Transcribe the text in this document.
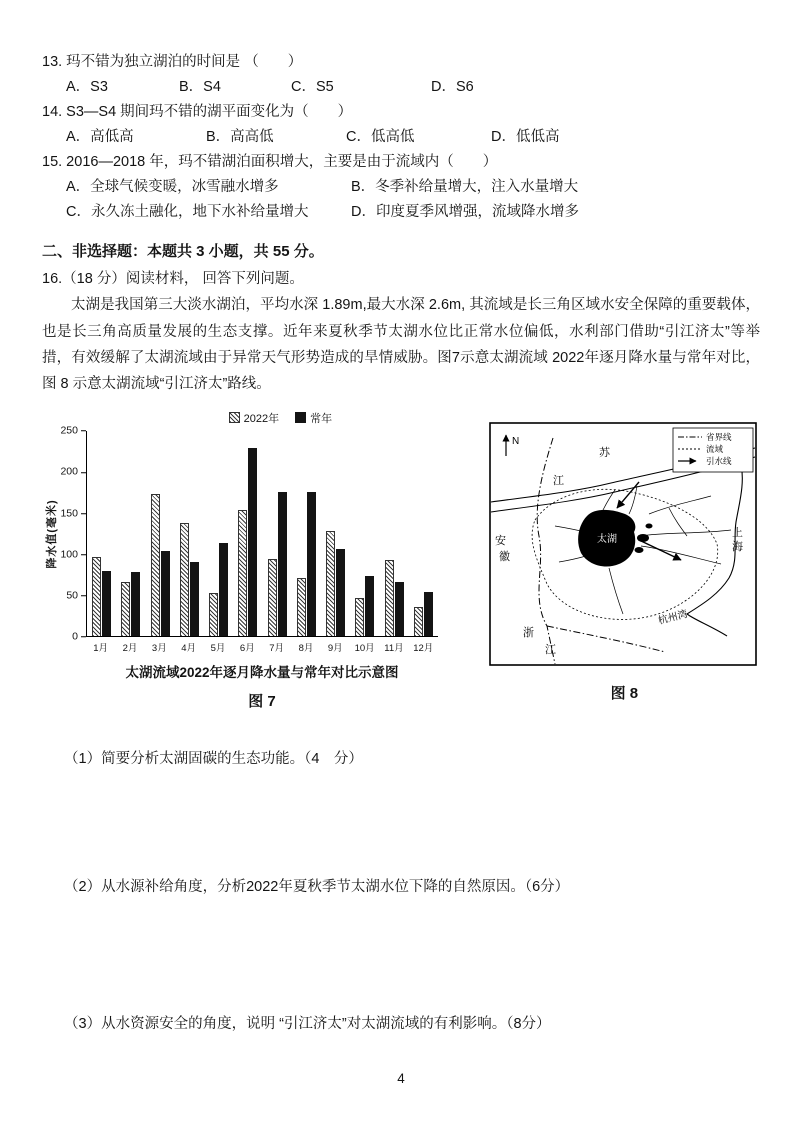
13. 玛不错为独立湖泊的时间是 （　　）
A．S3	B．S4	C．S5	D．S6
14. S3—S4 期间玛不错的湖平面变化为（　　）
A．高低高	B．高高低	C．低高低	D．低低高
15. 2016—2018 年，玛不错湖泊面积增大，主要是由于流域内（　　）
A．全球气候变暖，冰雪融水增多	B．冬季补给量增大，注入水量增大
C．永久冻土融化，地下水补给量增大	D．印度夏季风增强，流域降水增多
二、非选择题：本题共 3 小题，共 55 分。
16.（18 分）阅读材料， 回答下列问题。
太湖是我国第三大淡水湖泊，平均水深 1.89m,最大水深 2.6m, 其流域是长三角区域水安全保障的重要载体，也是长三角高质量发展的生态支撑。近年来夏秋季节太湖水位比正常水位偏低，水利部门借助“引江济太”等举措，有效缓解了太湖流域由于异常天气形势造成的旱情威胁。图7示意太湖流域 2022年逐月降水量与常年对比，图 8 示意太湖流域“引江济太”路线。
2022年	常年
降水值(毫米)
0
50
100
150
200
250
1月	2月	3月	4月	5月	6月	7月	8月	9月	10月	11月	12月
太湖流域2022年逐月降水量与常年对比示意图
图 7
N
太湖
苏
江
安
徽
上
海
杭州湾
浙
江
省界线
流域
引水线
图 8
（1）简要分析太湖固碳的生态功能。（4　分）
（2）从水源补给角度，分析2022年夏秋季节太湖水位下降的自然原因。（6分）
（3）从水资源安全的角度，说明 “引江济太”对太湖流域的有利影响。（8分）
4
